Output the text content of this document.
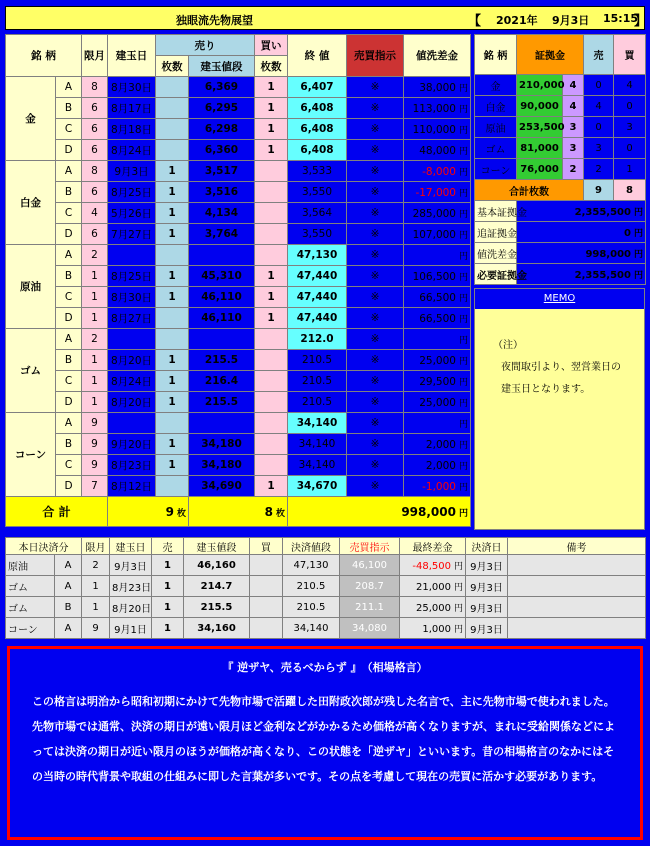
独眼流先物展望	【 2021年 9月3日 15:15
】
銘 柄		限月	建玉日	売り		買い	終 値	売買指示	値洗差金
				枚数	建玉値段	枚数			
金	A	8	8月30日		6,369	1	6,407	※	38,000 円
	B	6	8月17日		6,295	1	6,408	※	113,000 円
	C	6	8月18日		6,298	1	6,408	※	110,000 円
	D	6	8月24日		6,360	1	6,408	※	48,000 円
白金	A	8	9月3日	1	3,517		3,533	※	-8,000 円
	B	6	8月25日	1	3,516		3,550	※	-17,000 円
	C	4	5月26日	1	4,134		3,564	※	285,000 円
	D	6	7月27日	1	3,764		3,550	※	107,000 円
原油	A	2					47,130	※	円
	B	1	8月25日	1	45,310	1	47,440	※	106,500 円
	C	1	8月30日	1	46,110	1	47,440	※	66,500 円
	D	1	8月27日		46,110	1	47,440	※	66,500 円
ゴム	A	2					212.0	※	円
	B	1	8月20日	1	215.5		210.5	※	25,000 円
	C	1	8月24日	1	216.4		210.5	※	29,500 円
	D	1	8月20日	1	215.5		210.5	※	25,000 円
コーン	A	9					34,140	※	円
	B	9	9月20日	1	34,180		34,140	※	2,000 円
	C	9	8月23日	1	34,180		34,140	※	2,000 円
	D	7	8月12日		34,690	1	34,670	※	-1,000 円
合 計			9 枚		8 枚		998,000 円		
銘 柄	証拠金		売	買
金	210,000	4	0	4
白金	90,000	4	4	0
原油	253,500	3	0	3
ゴム	81,000	3	3	0
コーン	76,000	2	2	1
合計枚数			9	8
基本証拠金	2,355,500 円			
追証拠金	0 円			
値洗差金	998,000 円			
必要証拠金	2,355,500 円			
MEMO
（注）
夜間取引より、翌営業日の
建玉日となります。
本日決済分		限月	建玉日	売	建玉値段	買	決済値段	売買指示	最終差金	決済日	備考
原油	A	2	9月3日	1	46,160		47,130	46,100	-48,500 円	9月3日	
ゴム	A	1	8月23日	1	214.7		210.5	208.7	21,000 円	9月3日	
ゴム	B	1	8月20日	1	215.5		210.5	211.1	25,000 円	9月3日	
コーン	A	9	9月1日	1	34,160		34,140	34,080	1,000 円	9月3日	
『 逆ザヤ、売るべからず 』　（相場格言）
この格言は明治から昭和初期にかけて先物市場で活躍した田附政次郎が残した名言で、主に先物市場で使われました。先物市場では通常、決済の期日が遠い限月ほど金利などがかかるため価格が高くなりますが、まれに受給関係などによっては決済の期日が近い限月のほうが価格が高くなり、この状態を「逆ザヤ」といいます。昔の相場格言のなかにはその当時の時代背景や取組の仕組みに即した言葉が多いです。その点を考慮して現在の売買に活かす必要があります。
